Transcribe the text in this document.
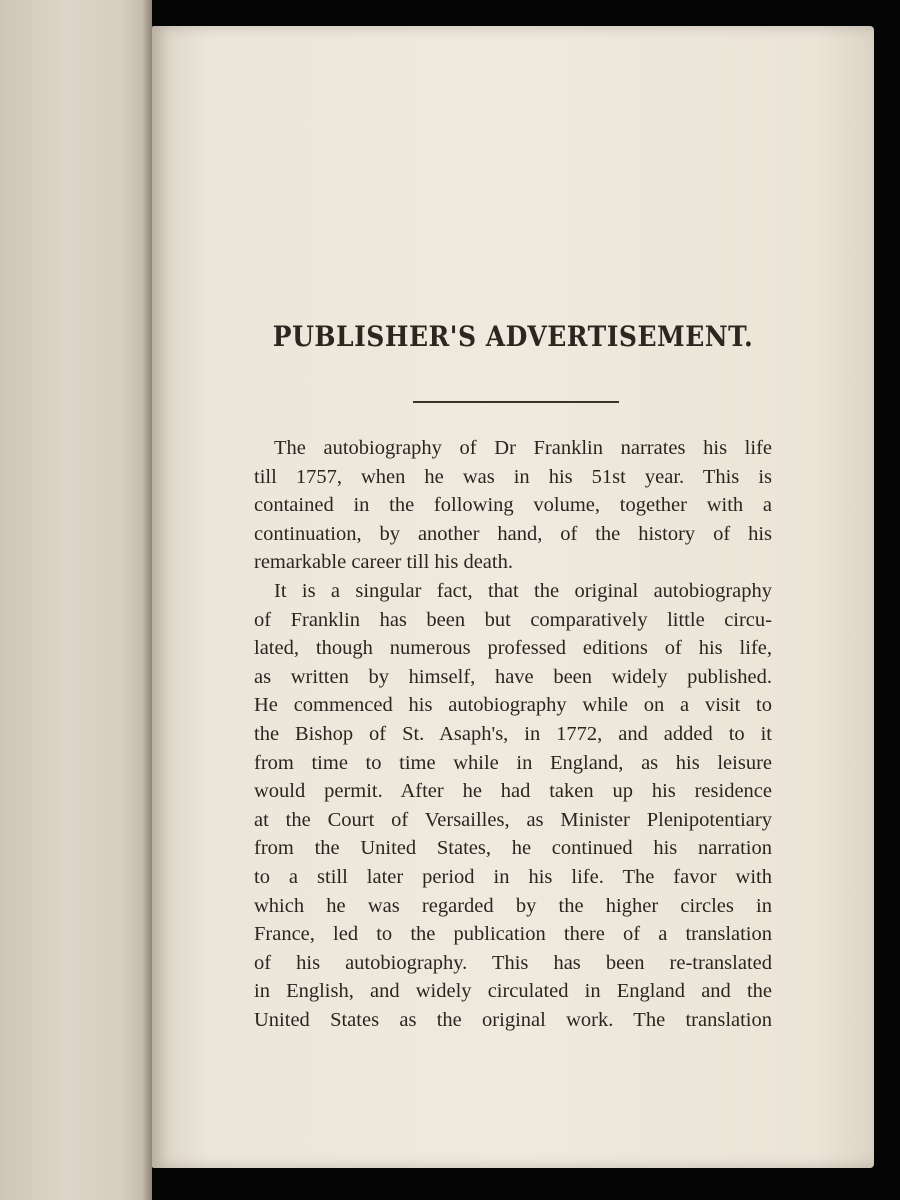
PUBLISHER'S ADVERTISEMENT.
The autobiography of Dr Franklin narrates his life
till 1757, when he was in his 51st year. This is
contained in the following volume, together with a
continuation, by another hand, of the history of his
remarkable career till his death.
It is a singular fact, that the original autobiography
of Franklin has been but comparatively little circu-
lated, though numerous professed editions of his life,
as written by himself, have been widely published.
He commenced his autobiography while on a visit to
the Bishop of St. Asaph's, in 1772, and added to it
from time to time while in England, as his leisure
would permit. After he had taken up his residence
at the Court of Versailles, as Minister Plenipotentiary
from the United States, he continued his narration
to a still later period in his life. The favor with
which he was regarded by the higher circles in
France, led to the publication there of a translation
of his autobiography. This has been re-translated
in English, and widely circulated in England and the
United States as the original work. The translation
